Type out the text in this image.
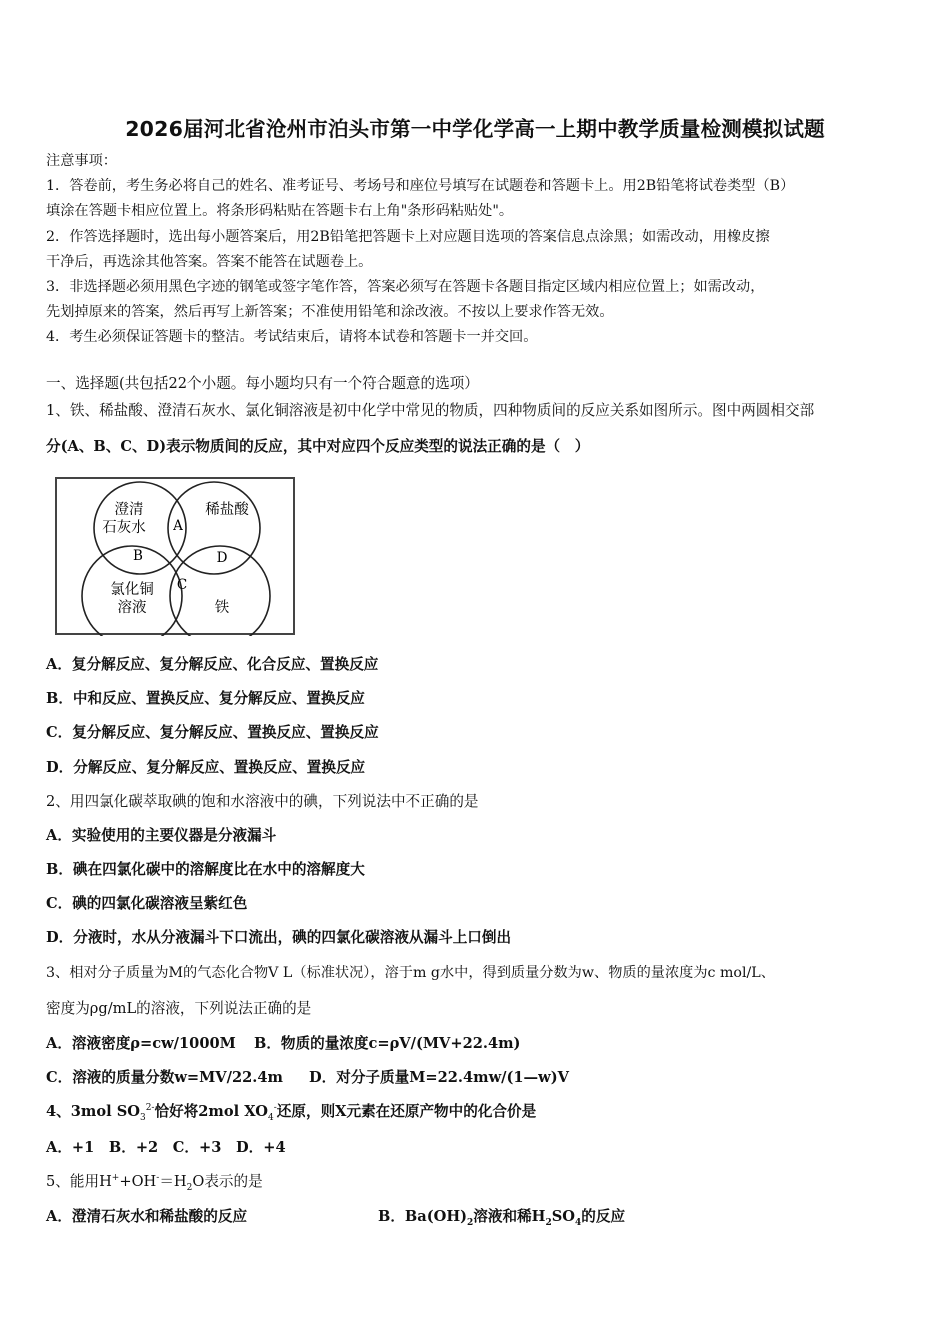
2026届河北省沧州市泊头市第一中学化学高一上期中教学质量检测模拟试题
注意事项：
1．答卷前，考生务必将自己的姓名、准考证号、考场号和座位号填写在试题卷和答题卡上。用2B铅笔将试卷类型（B）
填涂在答题卡相应位置上。将条形码粘贴在答题卡右上角"条形码粘贴处"。
2．作答选择题时，选出每小题答案后，用2B铅笔把答题卡上对应题目选项的答案信息点涂黑；如需改动，用橡皮擦
干净后，再选涂其他答案。答案不能答在试题卷上。
3．非选择题必须用黑色字迹的钢笔或签字笔作答，答案必须写在答题卡各题目指定区域内相应位置上；如需改动，
先划掉原来的答案，然后再写上新答案；不准使用铅笔和涂改液。不按以上要求作答无效。
4．考生必须保证答题卡的整洁。考试结束后，请将本试卷和答题卡一并交回。
一、选择题(共包括22个小题。每小题均只有一个符合题意的选项）
1、铁、稀盐酸、澄清石灰水、氯化铜溶液是初中化学中常见的物质，四种物质间的反应关系如图所示。图中两圆相交部
分(A、B、C、D)表示物质间的反应，其中对应四个反应类型的说法正确的是（　）
澄清
石灰水
稀盐酸
氯化铜
溶液	铁
A
B
C
D
A．复分解反应、复分解反应、化合反应、置换反应
B．中和反应、置换反应、复分解反应、置换反应
C．复分解反应、复分解反应、置换反应、置换反应
D．分解反应、复分解反应、置换反应、置换反应
2、用四氯化碳萃取碘的饱和水溶液中的碘，下列说法中不正确的是
A．实验使用的主要仪器是分液漏斗
B．碘在四氯化碳中的溶解度比在水中的溶解度大
C．碘的四氯化碳溶液呈紫红色
D．分液时，水从分液漏斗下口流出，碘的四氯化碳溶液从漏斗上口倒出
3、相对分子质量为M的气态化合物V L（标准状况），溶于m g水中，得到质量分数为w、物质的量浓度为c mol/L、
密度为ρg/mL的溶液，下列说法正确的是
A．溶液密度ρ=cw/1000M B．物质的量浓度c=ρV/(MV+22.4m)
C．溶液的质量分数w=MV/22.4m D．对分子质量M=22.4mw/(1—w)V
4、3mol $SO_3^{2-}$恰好将2mol $XO_4^-$还原，则X元素在还原产物中的化合价是
A．+1　B．+2　C．+3　D．+4
5、能用$H^++OH^-=H_2O$表示的是
A．澄清石灰水和稀盐酸的反应	B．$Ba(OH)_2$溶液和稀$H_2SO_4$的反应
